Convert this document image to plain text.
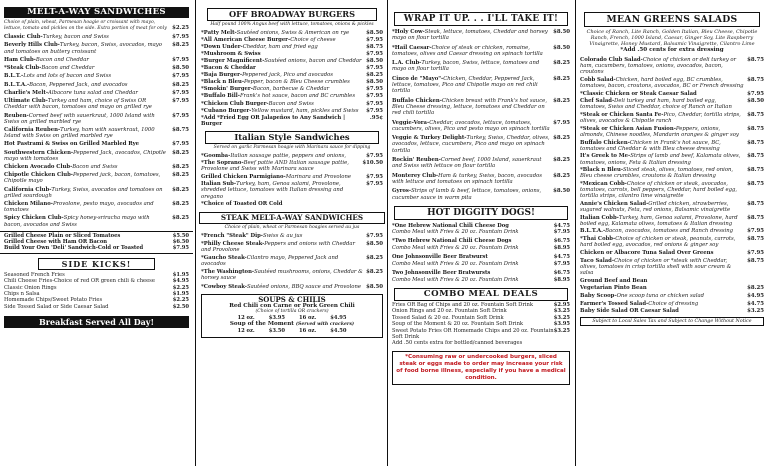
MELT-A-WAY SANDWICHES
Choice of plain, wheat, Parmesan hoagie or croissant with mayo, lettuce, tomato and pickles on the side. Extra portion of meat for only $2.25
Classic Club-Turkey, bacon and Swiss	$7.95
Beverly Hills Club-Turkey, bacon, Swiss, avocados, mayo and tomatoes on buttery croissant
$8.25
Ham Club-Bacon and Cheddar	$7.95
*Steak Club-Bacon and Cheddar	$8.50
B.L.T.-Lots and lots of bacon and Swiss	$7.95
B.L.T.A.-Bacon, Peppered Jack, and avocados	$8.25
Charlie's Melt-Albacore tuna salad and Cheddar	$7.95
Ultimate Club-Turkey and ham, choice of Swiss OR Cheddar with bacon, tomatoes and mayo on grilled rye
$7.95
Reuben-Corned beef with sauerkraut, 1000 Island with Swiss on grilled marbled rye
$7.95
California Reuben-Turkey, ham with sauerkraut, 1000 Island with Swiss on grilled marbled rye
$8.75
Hot Pastrami & Swiss on Grilled Marbled Rye	$7.95
Southwestern Chicken-Peppered Jack, avocados, Chipotle mayo with tomatoes
$8.25
Chicken Avocado Club-Bacon and Swiss	$8.25
Chipotle Chicken Club-Peppered jack, bacon, tomatoes, Chipotle mayo
$8.25
California Club-Turkey, Swiss, avocados and tomatoes on grilled sourdough
$8.25
Chicken Milano-Provolone, pesto mayo, avocados and tomatoes
$8.25
Spicy Chicken Club-Spicy honey-sriracha mayo with bacon, avocados and Swiss
$8.25
Grilled Cheese Plain or Sliced Tomatoes	$5.50
Grilled Cheese with Ham OR Bacon	$6.50
Build Your Own 'Deli' Sandwich-Cold or Toasted	$7.95
SIDE KICKS!
Seasoned French Fries	$1.95
Chili Cheese Fries-Choice of red OR green chili & cheese	$4.95
Classic Onion Rings	$2.25
Chips n Salsa	$1.95
Homemade Chips/Sweet Potato Fries	$2.25
Side Tossed Salad or Side Caesar Salad	$2.50
Breakfast Served All Day!
OFF BROADWAY BURGERS
Half pound 100% Angus beef with lettuce, tomatoes, onions & pickles
*Patty Melt-Sautéed onions, Swiss & American on rye	$8.50
*All American Cheese Burger-Choice of cheese	$7.95
*Down Under-Cheddar, ham and fried egg	$8.75
*Mushroom & Swiss	$7.95
*Burger Magnificent-Sautéed onions, bacon and Cheddar $8.50
*Bacon & Cheddar	$7.95
*Baja Burger-Peppered jack, Pico and avocados	$8.25
*Black n Bleu-Pepper, bacon & Bleu Cheese crumbles	$8.50
*Smokin' Burger-Bacon, barbecue & Cheddar	$7.95
*Buffalo Bill-Frank's hot sauce, bacon and BC crumbles	$7.95
*Chicken Club Burger-Bacon and Swiss	$7.95
*Cubano Burger-Yellow mustard, ham, pickles and Swiss	$7.95
*Add *Fried Egg OR Jalapeños to Any Sandwich | Burger
.95¢
Italian Style Sandwiches
Served on garlic Parmesan hoagie with Marinara sauce for dipping
*Goomba-Italian sausage pattie, peppers and onions,	$7.95
*The Soprano-Beef pattie AND Italian sausage pattie, Provolone and Swiss with Marinara sauce
$10.50
Grilled Chicken Parmigiano-Marinara and Provolone	$7.95
Italian Sub-Turkey, ham, Genoa salami, Provolone, shredded lettuce, tomatoes with Italian dressing and oregano
$7.95
*Choice of Toasted OR Cold
STEAK MELT-A-WAY SANDWICHES
Choice of plain, wheat or Parmesan hoagies served au jus
*French "Steak" Dip-Swiss & au jus	$7.95
*Philly Cheese Steak-Peppers and onions with Cheddar and Provolone
$8.50
*Gaucho Steak-Cilantro mayo, Peppered Jack and avocados
$8.25
*The Washington-Sautéed mushrooms, onions, Cheddar & horsey sauce
$8.25
*Cowboy Steak-Sautéed onions, BBQ sauce and Provolone $8.50
SOUPS & CHILIS
Red Chili con Carne or Pork Green Chili
(Choice of tortilla OR crackers)
12 oz.	$3.95	16 oz.	$4.95
Soup of the Moment (Served with crackers)
12 oz.	$3.50	16 oz.	$4.50
WRAP IT UP. . . I'LL TAKE IT!
*Holy Cow-Steak, lettuce, tomatoes, Cheddar and horsey mayo on flour tortilla
$8.50
*Hail Caesar-Choice of steak or chicken, romaine, tomatoes, olives and Caesar dressing on spinach tortilla
$8.50
L.A. Club-Turkey, bacon, Swiss, lettuce, tomatoes and mayo on flour tortilla
$8.25
Cinco de "Mayo"-Chicken, Cheddar, Peppered Jack, lettuce, tomatoes, Pico and Chipotle mayo on red chili tortilla
$8.25
Buffalo Chicken-Chicken breast with Frank's hot sauce, Bleu Cheese dressing, lettuce, tomatoes and Cheddar on red chili tortilla
$8.25
Veggie-Vora-Cheddar, avocados, lettuce, tomatoes, cucumbers, olives, Pico and pesto mayo on spinach tortilla
$7.95
Veggie & Turkey Delight-Turkey, Swiss, Cheddar, olives, avocados, lettuce, cucumbers, Pico and mayo on spinach tortilla
$8.25
Rockin' Reuben-Corned beef, 1000 Island, sauerkraut and Swiss with lettuce on flour tortilla
$8.25
Monterey Club-Ham & turkey, Swiss, bacon, avocados with lettuce and tomatoes on spinach tortilla
$8.25
Gyros-Strips of lamb & beef, lettuce, tomatoes, onions, cucumber sauce in warm pita
$8.50
HOT DIGGITY DOGS!
*One Hebrew National Chili Cheese Dog	$4.75
Combo Meal with Fries & 20 oz. Fountain Drink	$7.95
*Two Hebrew National Chili Cheese Dogs	$6.75
Combo Meal with Fries & 20 oz. Fountain Drink	$8.95
One Johnsonville Beer Bratwurst	$4.75
Combo Meal with Fries & 20 oz. Fountain Drink	$7.95
Two Johnsonville Beer Bratwursts	$6.75
Combo Meal with Fries & 20 oz. Fountain Drink	$8.95
COMBO MEAL DEALS
Fries OR Bag of Chips and 20 oz. Fountain Soft Drink	$2.95
Onion Rings and 20 oz. Fountain Soft Drink	$3.25
Tossed Salad & 20 oz. Fountain Soft Drink	$3.25
Soup of the Moment & 20 oz. Fountain Soft Drink	$3.95
Sweet Potato Fries OR Homemade Chips and 20 oz. Fountain Soft Drink
$3.25
Add .50 cents extra for bottled/canned beverages
*Consuming raw or undercooked burgers, sliced steak or eggs made to order may increase your risk of food borne illness, especially if you have a medical condition.
MEAN GREENS SALADS
Choice of Ranch, Lite Ranch, Golden Italian, Bleu Cheese, Chipotle Ranch, French, 1000 Island, Caesar, Ginger Soy, Lite Raspberry Vinaigrette, Honey Mustard, Balsamic Vinaigrette, Cilantro Lime
*Add .50 cents for extra dressing
Colorado Club Salad-Choice of chicken or deli turkey or ham, cucumbers, tomatoes, onions, avocados, bacon, croutons
$8.75
Cobb Salad-Chicken, hard boiled egg, BC crumbles, tomatoes, bacon, croutons, avocados, BC or French dressing
$8.75
*Classic Chicken or Steak Caesar Salad	$7.95
Chef Salad-Deli turkey and ham, hard boiled egg, tomatoes, Swiss and Cheddar, choice of Ranch or Italian
$8.50
*Steak or Chicken Santa Fe-Pico, Cheddar, tortilla strips, olives, avocados & Chipotle ranch
$8.75
*Steak or Chicken Asian Fusion-Peppers, onions, almonds, Chinese noodles, Mandarin oranges & ginger soy
$8.75
Buffalo Chicken-Chicken in Frank's hot sauce, BC, tomatoes and Cheddar & with Bleu cheese dressing
$8.75
It's Greek to Me-Strips of lamb and beef, Kalamata olives, tomatoes, onions, Feta & Italian dressing
$8.75
*Black n Bleu-Sliced steak, olives, tomatoes, red onion, Bleu cheese crumbles, croutons & Italian dressing
$8.75
*Mexican Cobb-Choice of chicken or steak, avocados, tomatoes, carrots, bell peppers, Cheddar, hard boiled egg, tortilla strips, cilantro lime vinaigrette
$8.75
Annie's Chicken Salad-Grilled chicken, strawberries, sugared walnuts, Feta, red onions, Balsamic vinaigrette
$8.75
Italian Cobb-Turkey, ham, Genoa salami, Provolone, hard boiled egg, Kalamata olives, tomatoes & Italian dressing
$8.75
B.L.T.A.-Bacon, avocados, tomatoes and Ranch dressing	$7.95
*Thai Cobb-Choice of chicken or steak, peanuts, carrots, hard boiled egg, avocados, red onions & ginger soy
$8.75
Chicken or Albacore Tuna Salad Over Greens	$7.95
Taco Salad-Choice of chicken or *steak with Cheddar, olives, tomatoes in crisp tortilla shell with sour cream & salsa
$8.75
Ground Beef and Bean
Vegetarian Pinto Bean	$8.25
Baby Scoop-One scoop tuna or chicken salad	$4.95
Farmer's Tossed Salad-Choice of dressing	$4.75
Baby Side Salad OR Caesar Salad	$3.25
Subject to Local Sales Tax and Subject to Change Without Notice
